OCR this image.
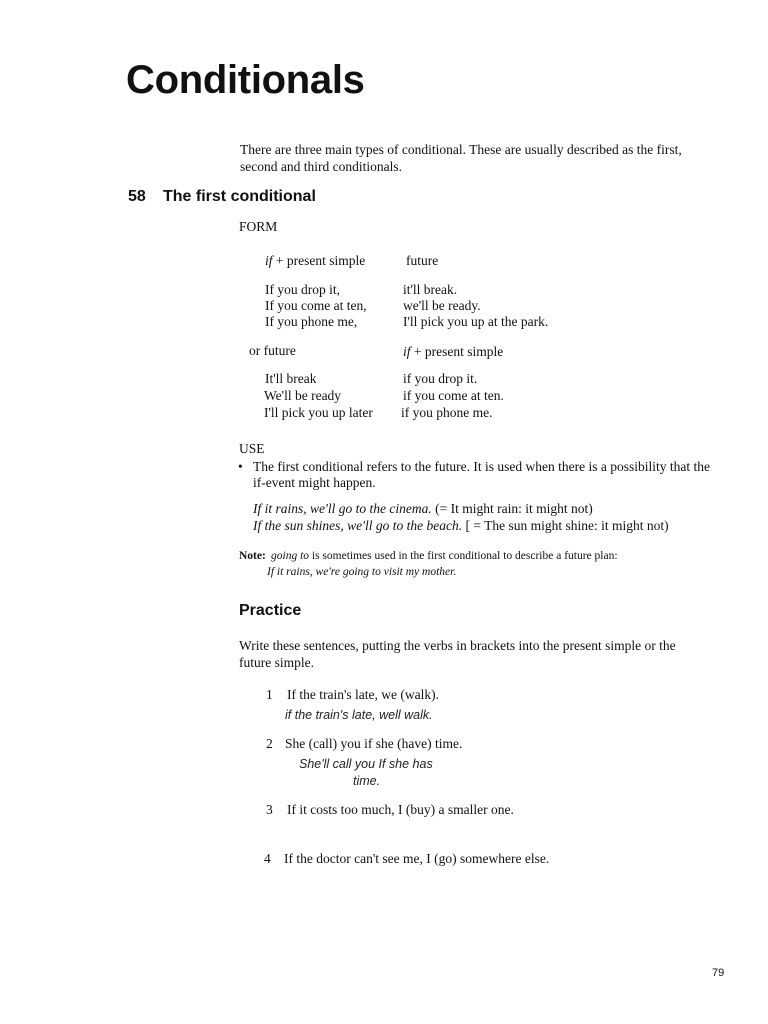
Conditionals
There are three main types of conditional. These are usually described as the first, second and third conditionals.
58 The first conditional
FORM
if + present simple	future
If you drop it,	it'll break.
If you come at ten,	we'll be ready.
If you phone me,	I'll pick you up at the park.
or future	if + present simple
It'll break	if you drop it.
We'll be ready	if you come at ten.
I'll pick you up later if you phone me.
USE
• The first conditional refers to the future. It is used when there is a possibility that the if-event might happen.
If it rains, we'll go to the cinema. (= It might rain: it might not)
If the sun shines, we'll go to the beach. [ = The sun might shine: it might not)
Note: going to is sometimes used in the first conditional to describe a future plan:
If it rains, we're going to visit my mother.
Practice
Write these sentences, putting the verbs in brackets into the present simple or the future simple.
1 If the train's late, we (walk).
if the train's late, well walk.
2 She (call) you if she (have) time.
She'll call you If she has
time.
3 If it costs too much, I (buy) a smaller one.
4 If the doctor can't see me, I (go) somewhere else.
79
